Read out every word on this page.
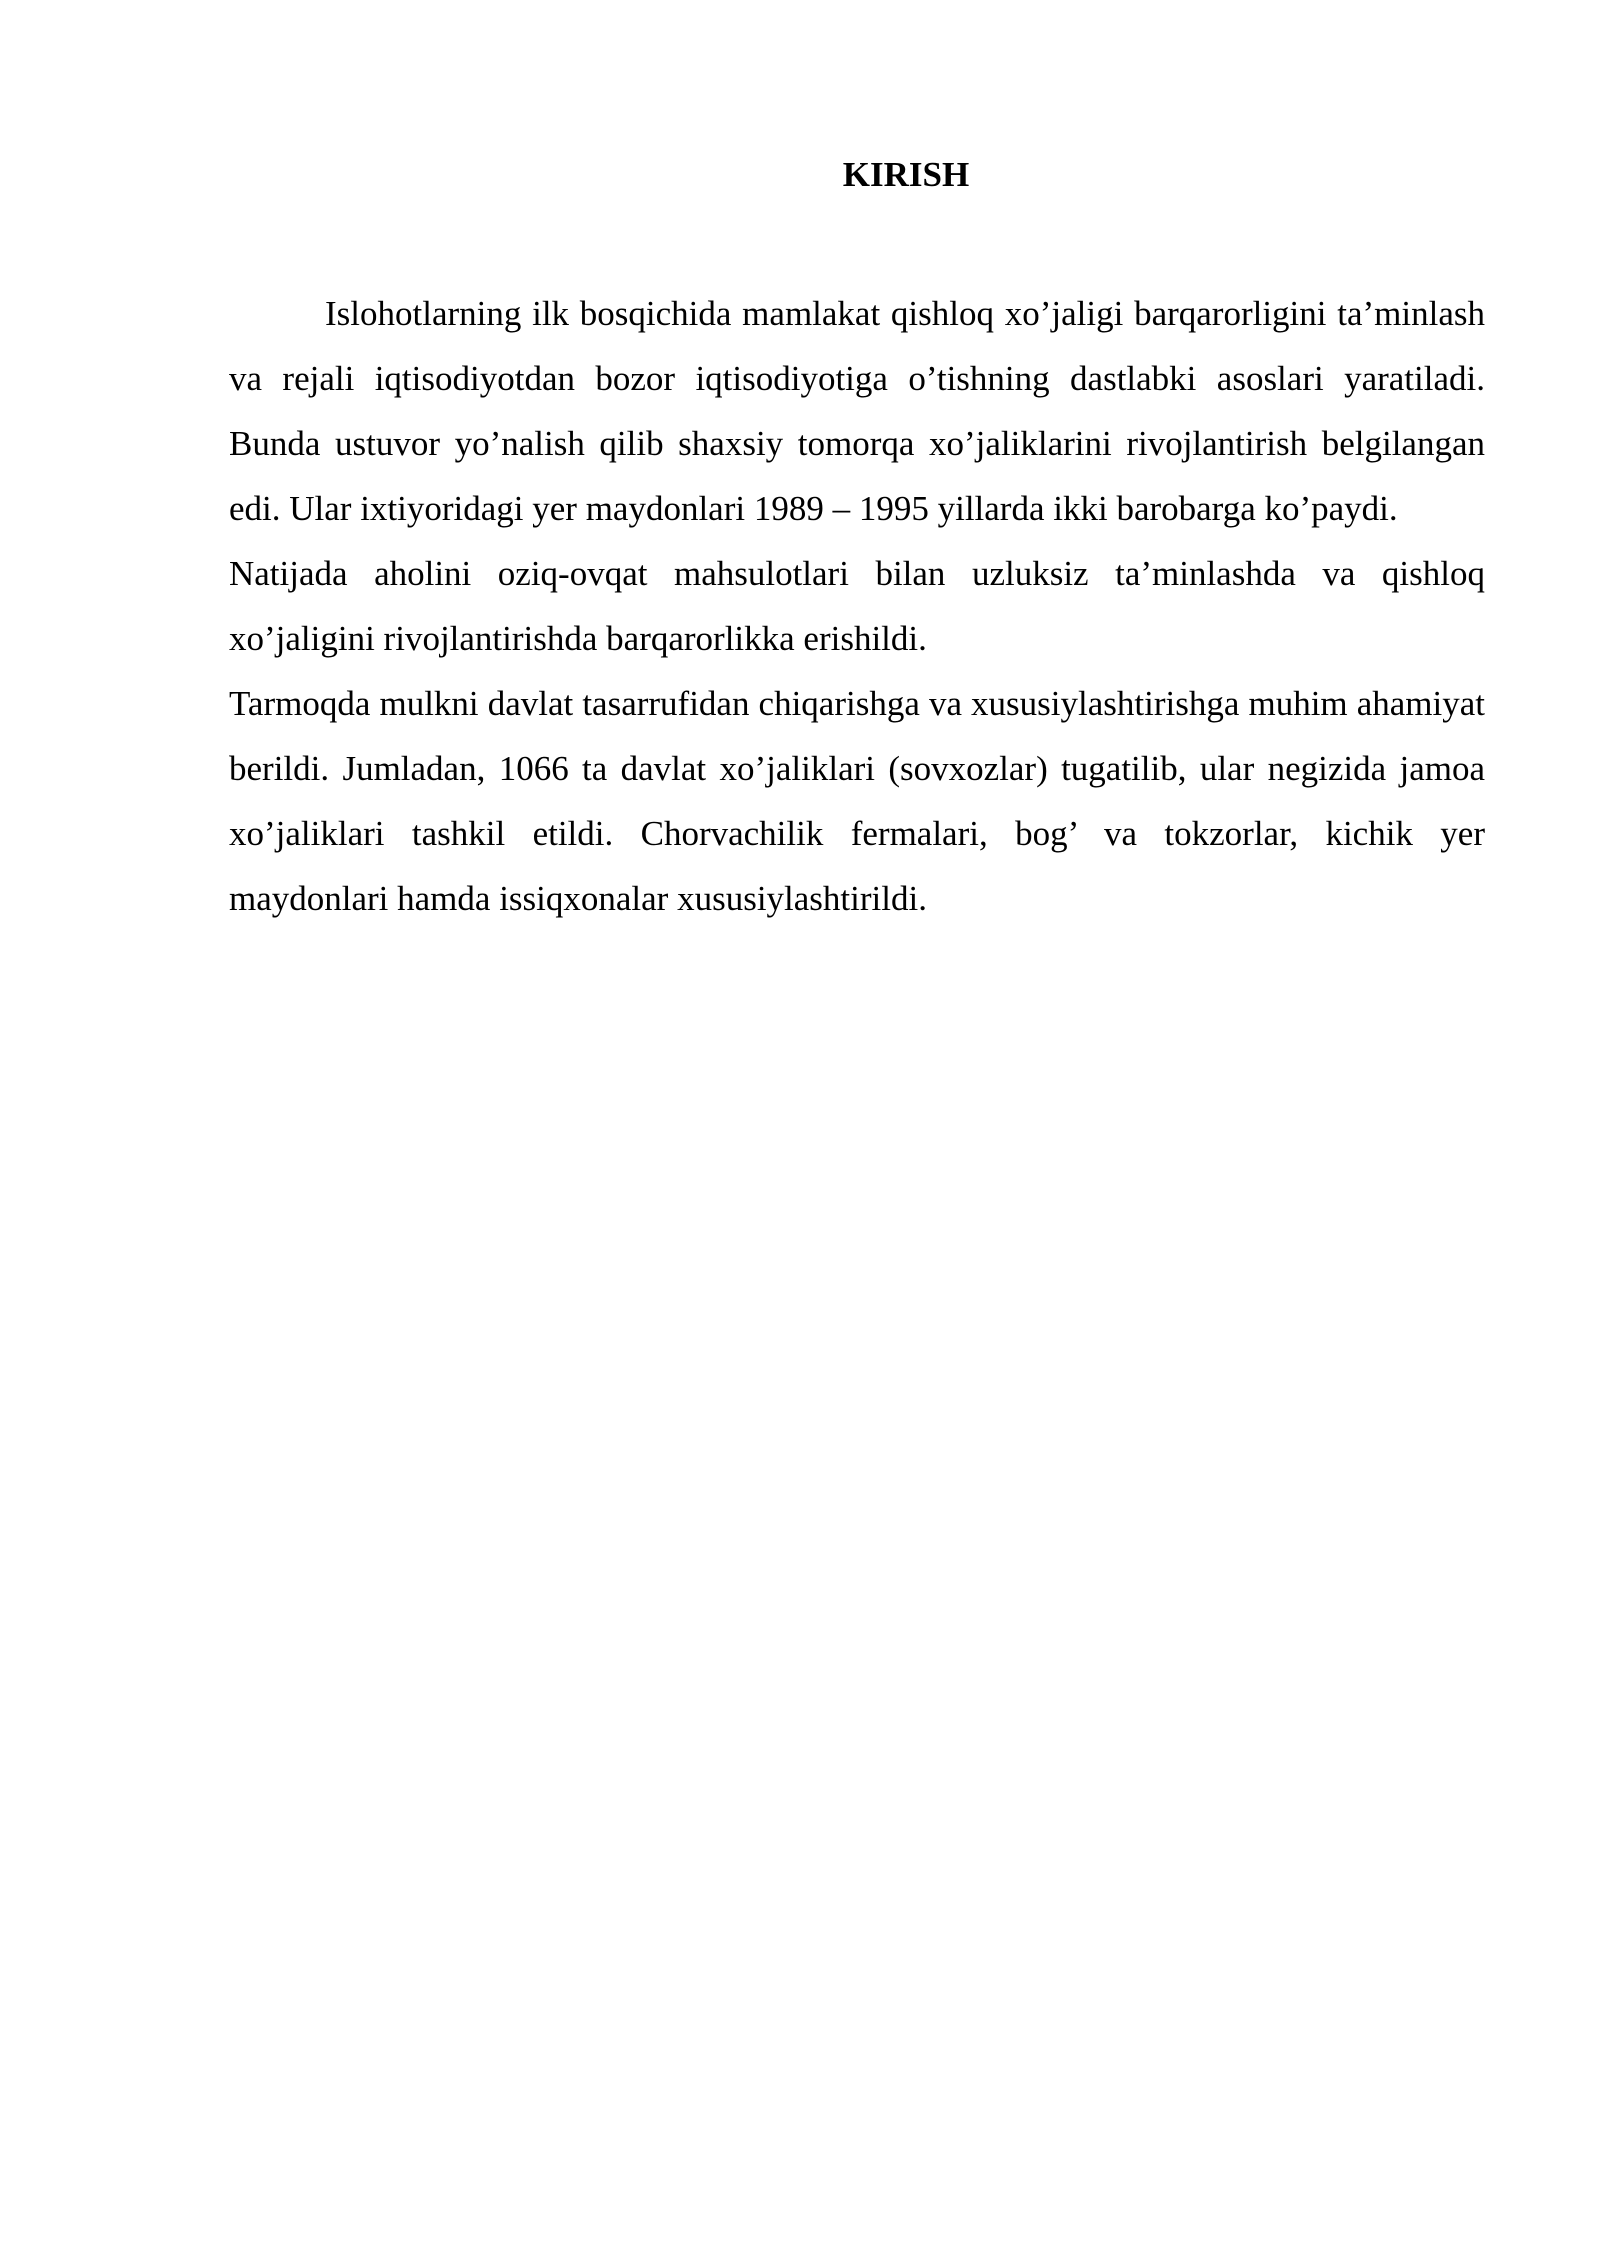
KIRISH

Islohotlarning ilk bosqichida mamlakat qishloq xo’jaligi barqarorligini ta’minlash va rejali iqtisodiyotdan bozor iqtisodiyotiga o’tishning dastlabki asoslari yaratiladi. Bunda ustuvor yo’nalish qilib shaxsiy tomorqa xo’jaliklarini rivojlantirish belgilangan edi. Ular ixtiyoridagi yer maydonlari 1989 – 1995 yillarda ikki barobarga ko’paydi.

Natijada aholini oziq-ovqat mahsulotlari bilan uzluksiz ta’minlashda va qishloq xo’jaligini rivojlantirishda barqarorlikka erishildi.

Tarmoqda mulkni davlat tasarrufidan chiqarishga va xususiylashtirishga muhim ahamiyat berildi. Jumladan, 1066 ta davlat xo’jaliklari (sovxozlar) tugatilib, ular negizida jamoa xo’jaliklari tashkil etildi. Chorvachilik fermalari, bog’ va tokzorlar, kichik yer maydonlari hamda issiqxonalar xususiylashtirildi.
